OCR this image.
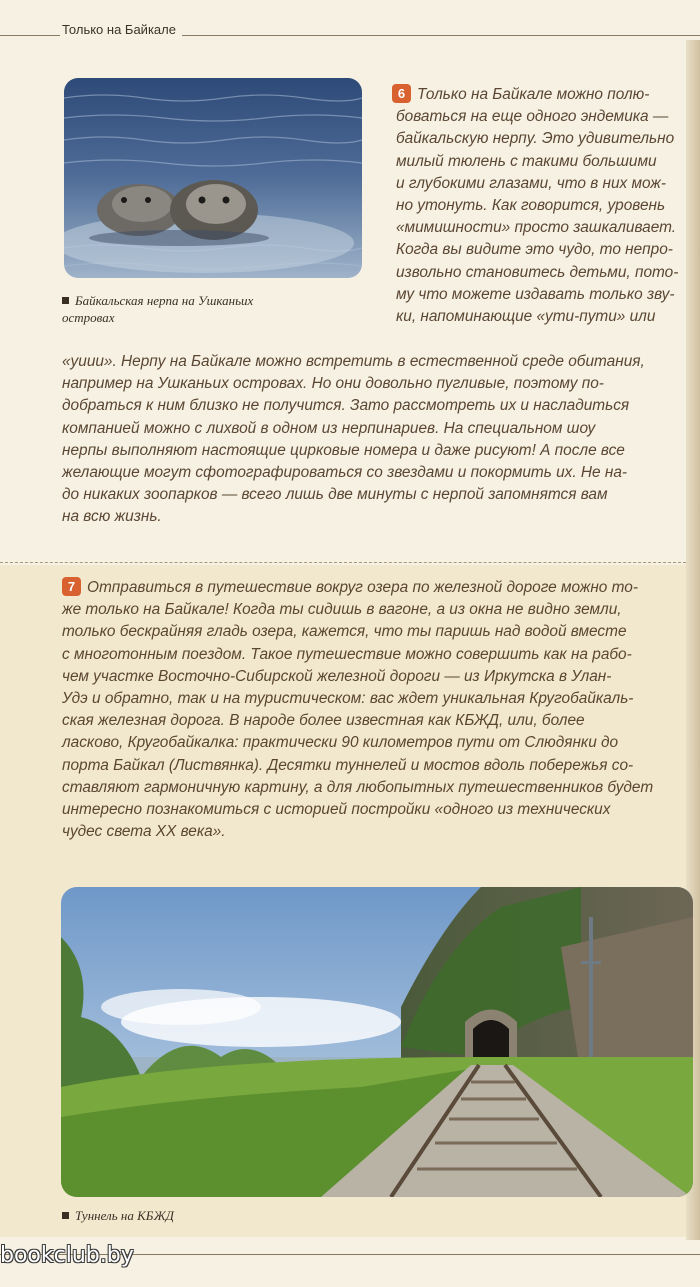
Только на Байкале
Байкальская нерпа на Ушканьих
островах
6 Только на Байкале можно полю-
боваться на еще одного эндемика —
байкальскую нерпу. Это удивительно
милый тюлень с такими большими
и глубокими глазами, что в них мож-
но утонуть. Как говорится, уровень
«мимишности» просто зашкаливает.
Когда вы видите это чудо, то непро-
извольно становитесь детьми, пото-
му что можете издавать только зву-
ки, напоминающие «ути-пути» или
«уиии». Нерпу на Байкале можно встретить в естественной среде обитания,
например на Ушканьих островах. Но они довольно пугливые, поэтому по-
добраться к ним близко не получится. Зато рассмотреть их и насладиться
компанией можно с лихвой в одном из нерпинариев. На специальном шоу
нерпы выполняют настоящие цирковые номера и даже рисуют! А после все
желающие могут сфотографироваться со звездами и покормить их. Не на-
до никаких зоопарков — всего лишь две минуты с нерпой запомнятся вам
на всю жизнь.
7 Отправиться в путешествие вокруг озера по железной дороге можно то-
же только на Байкале! Когда ты сидишь в вагоне, а из окна не видно земли,
только бескрайняя гладь озера, кажется, что ты паришь над водой вместе
с многотонным поездом. Такое путешествие можно совершить как на рабо-
чем участке Восточно-Сибирской железной дороги — из Иркутска в Улан-
Удэ и обратно, так и на туристическом: вас ждет уникальная Кругобайкаль-
ская железная дорога. В народе более известная как КБЖД, или, более
ласково, Кругобайкалка: практически 90 километров пути от Слюдянки до
порта Байкал (Листвянка). Десятки туннелей и мостов вдоль побережья со-
ставляют гармоничную картину, а для любопытных путешественников будет
интересно познакомиться с историей постройки «одного из технических
чудес света XX века».
Туннель на КБЖД
bookclub.by
